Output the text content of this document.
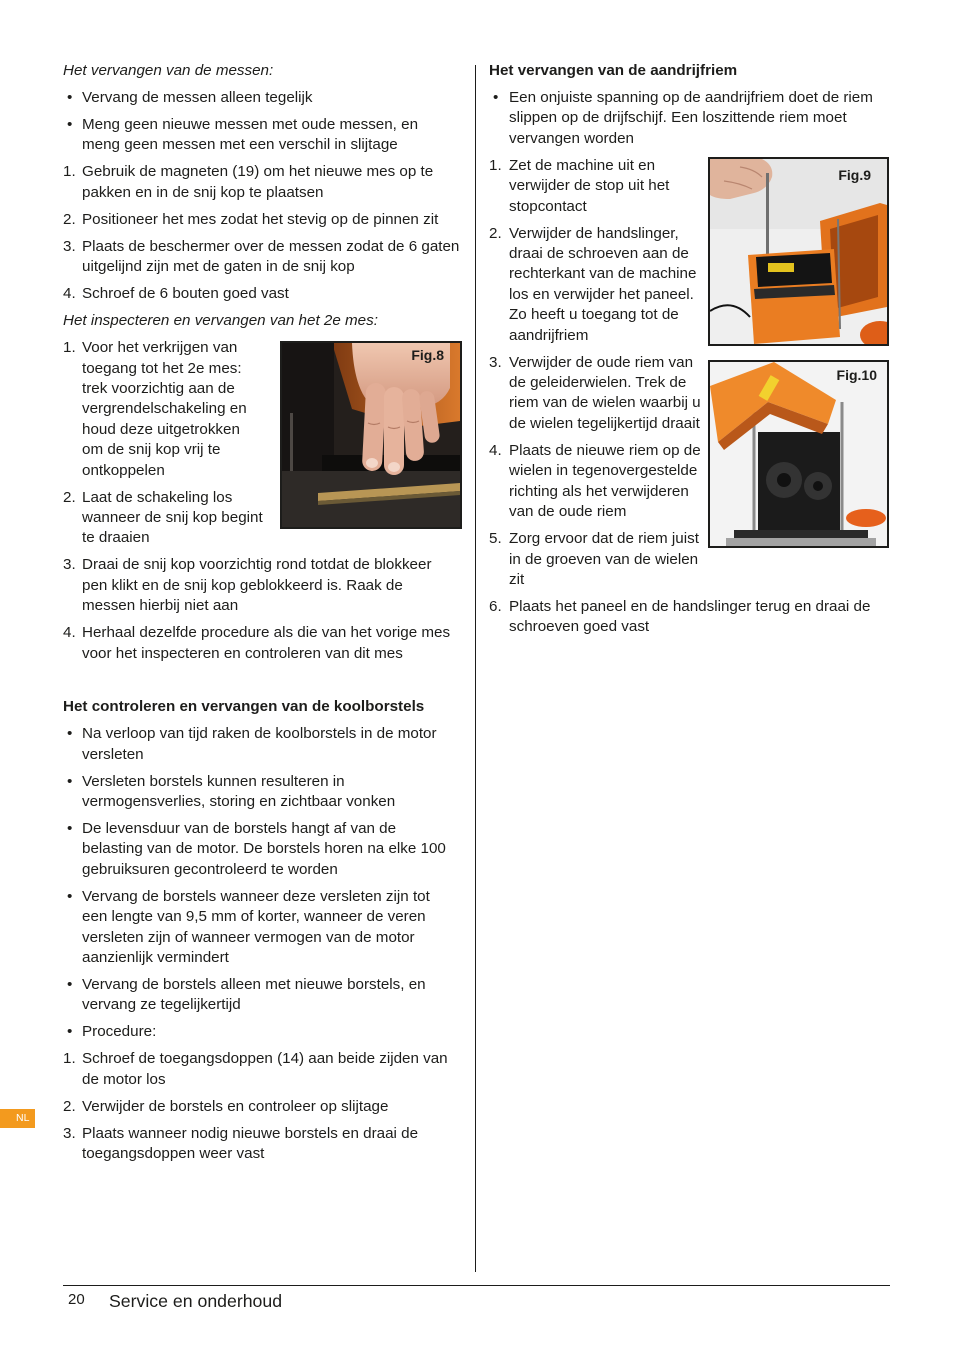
Het vervangen van de messen:
• Vervang de messen alleen tegelijk
• Meng geen nieuwe messen met oude messen, en
meng geen messen met een verschil in slijtage
1. Gebruik de magneten (19) om het nieuwe mes op te
pakken en in de snij kop te plaatsen
2. Positioneer het mes zodat het stevig op de pinnen zit
3. Plaats de beschermer over de messen zodat de 6 gaten
uitgelijnd zijn met de gaten in de snij kop
4. Schroef de 6 bouten goed vast
Het inspecteren en vervangen van het 2e mes:
1. Voor het verkrijgen van
toegang tot het 2e mes:
trek voorzichtig aan de
vergrendelschakeling en
houd deze uitgetrokken
om de snij kop vrij te
ontkoppelen
2. Laat de schakeling los
wanneer de snij kop begint
te draaien
3. Draai de snij kop voorzichtig rond totdat de blokkeer
pen klikt en de snij kop geblokkeerd is. Raak de
messen hierbij niet aan
4. Herhaal dezelfde procedure als die van het vorige mes
voor het inspecteren en controleren van dit mes
Het controleren en vervangen van de koolborstels
• Na verloop van tijd raken de koolborstels in de motor
versleten
• Versleten borstels kunnen resulteren in
vermogensverlies, storing en zichtbaar vonken
• De levensduur van de borstels hangt af van de
belasting van de motor. De borstels horen na elke 100
gebruiksuren gecontroleerd te worden
• Vervang de borstels wanneer deze versleten zijn tot
een lengte van 9,5 mm of korter, wanneer de veren
versleten zijn of wanneer vermogen van de motor
aanzienlijk vermindert
• Vervang de borstels alleen met nieuwe borstels, en
vervang ze tegelijkertijd
• Procedure:
1. Schroef de toegangsdoppen (14) aan beide zijden van
de motor los
2. Verwijder de borstels en controleer op slijtage
3. Plaats wanneer nodig nieuwe borstels en draai de
toegangsdoppen weer vast
Het vervangen van de aandrijfriem
• Een onjuiste spanning op de aandrijfriem doet de riem
slippen op de drijfschijf. Een loszittende riem moet
vervangen worden
1. Zet de machine uit en
verwijder de stop uit het
stopcontact
2. Verwijder de handslinger,
draai de schroeven aan de
rechterkant van de machine
los en verwijder het paneel.
Zo heeft u toegang tot de
aandrijfriem
3. Verwijder de oude riem van
de geleiderwielen. Trek de
riem van de wielen waarbij u
de wielen tegelijkertijd draait
4. Plaats de nieuwe riem op de
wielen in tegenovergestelde
richting als het verwijderen
van de oude riem
5. Zorg ervoor dat de riem juist
in de groeven van de wielen
zit
6. Plaats het paneel en de handslinger terug en draai de
schroeven goed vast
Fig.8
Fig.9
Fig.10
20 Service en onderhoud
NL
